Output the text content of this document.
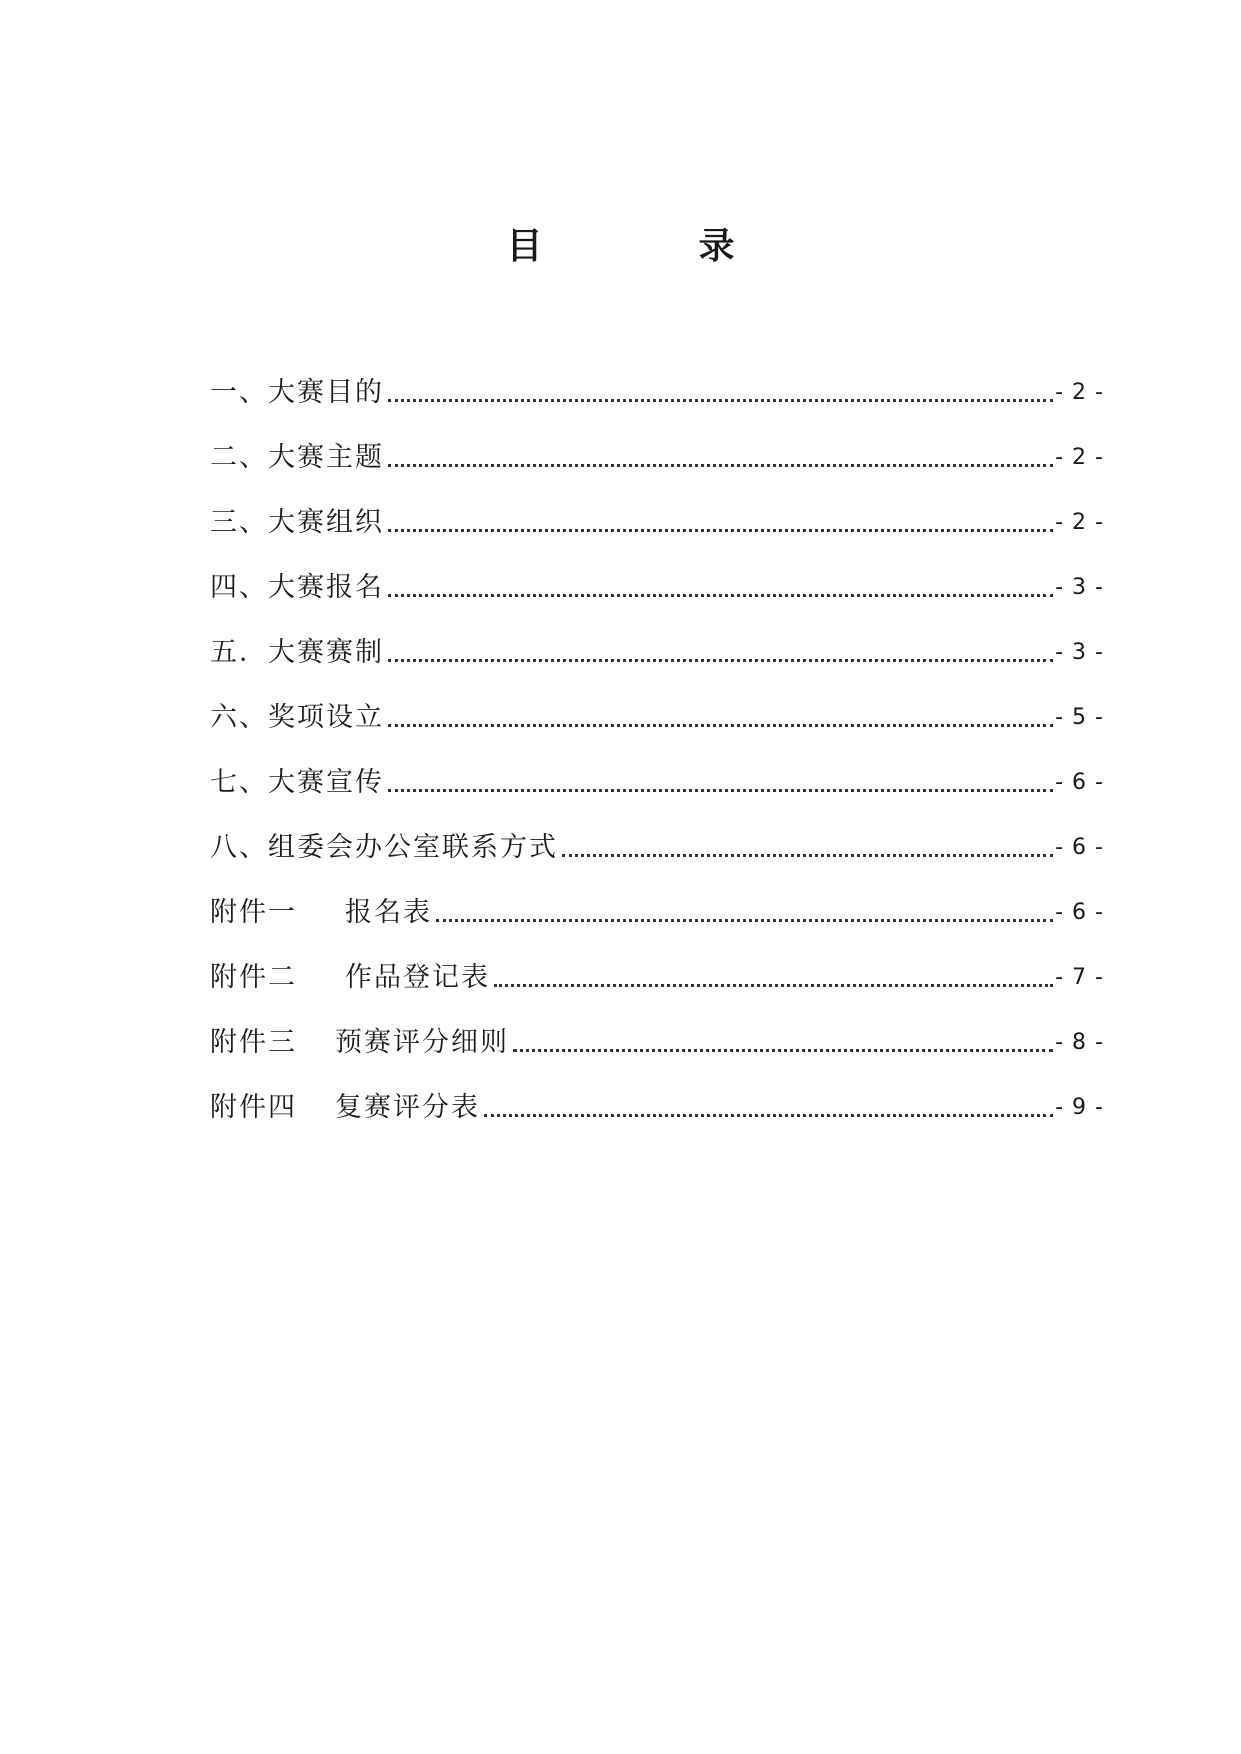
目　录
一、 大赛目的	- 2 -
二、 大赛主题	- 2 -
三、 大赛组织	- 2 -
四、 大赛报名	- 3 -
五． 大赛赛制	- 3 -
六、 奖项设立	- 5 -
七、 大赛宣传	- 6 -
八、 组委会办公室联系方式	- 6 -
附件一 报名表	- 6 -
附件二 作品登记表	- 7 -
附件三 预赛评分细则	- 8 -
附件四 复赛评分表	- 9 -
